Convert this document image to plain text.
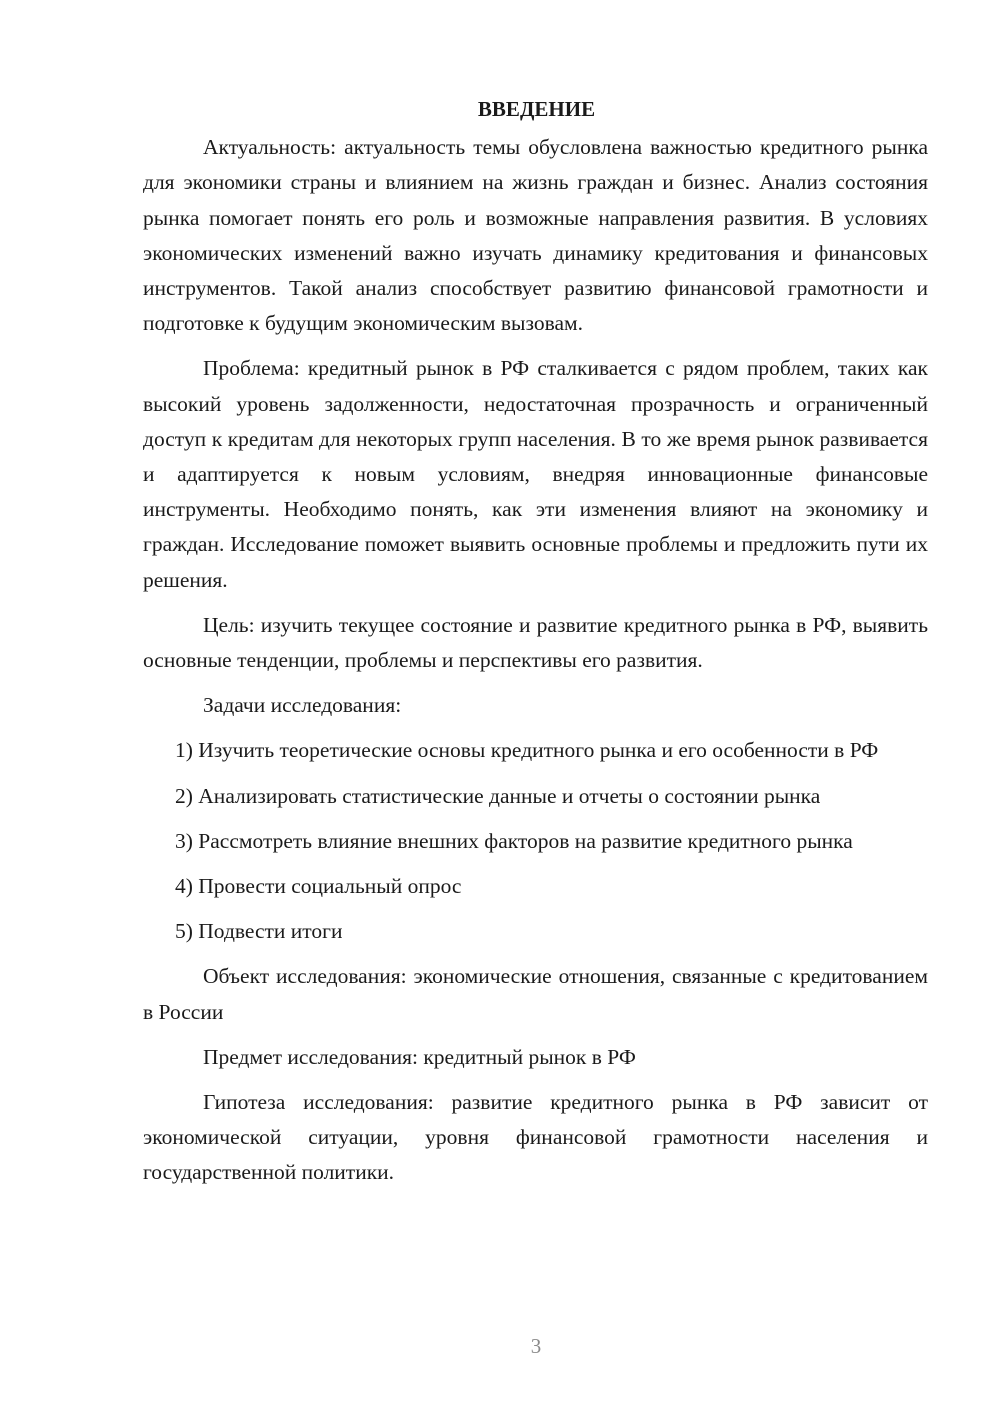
ВВЕДЕНИЕ

Актуальность: актуальность темы обусловлена важностью кредитного рынка для экономики страны и влиянием на жизнь граждан и бизнес. Анализ состояния рынка помогает понять его роль и возможные направления развития. В условиях экономических изменений важно изучать динамику кредитования и финансовых инструментов. Такой анализ способствует развитию финансовой грамотности и подготовке к будущим экономическим вызовам.

Проблема: кредитный рынок в РФ сталкивается с рядом проблем, таких как высокий уровень задолженности, недостаточная прозрачность и ограниченный доступ к кредитам для некоторых групп населения. В то же время рынок развивается и адаптируется к новым условиям, внедряя инновационные финансовые инструменты. Необходимо понять, как эти изменения влияют на экономику и граждан. Исследование поможет выявить основные проблемы и предложить пути их решения.

Цель: изучить текущее состояние и развитие кредитного рынка в РФ, выявить основные тенденции, проблемы и перспективы его развития.

Задачи исследования:

1) Изучить теоретические основы кредитного рынка и его особенности в РФ

2) Анализировать статистические данные и отчеты о состоянии рынка

3) Рассмотреть влияние внешних факторов на развитие кредитного рынка

4) Провести социальный опрос

5) Подвести итоги

Объект исследования: экономические отношения, связанные с кредитованием в России

Предмет исследования: кредитный рынок в РФ

Гипотеза исследования: развитие кредитного рынка в РФ зависит от экономической ситуации, уровня финансовой грамотности населения и государственной политики.

3
